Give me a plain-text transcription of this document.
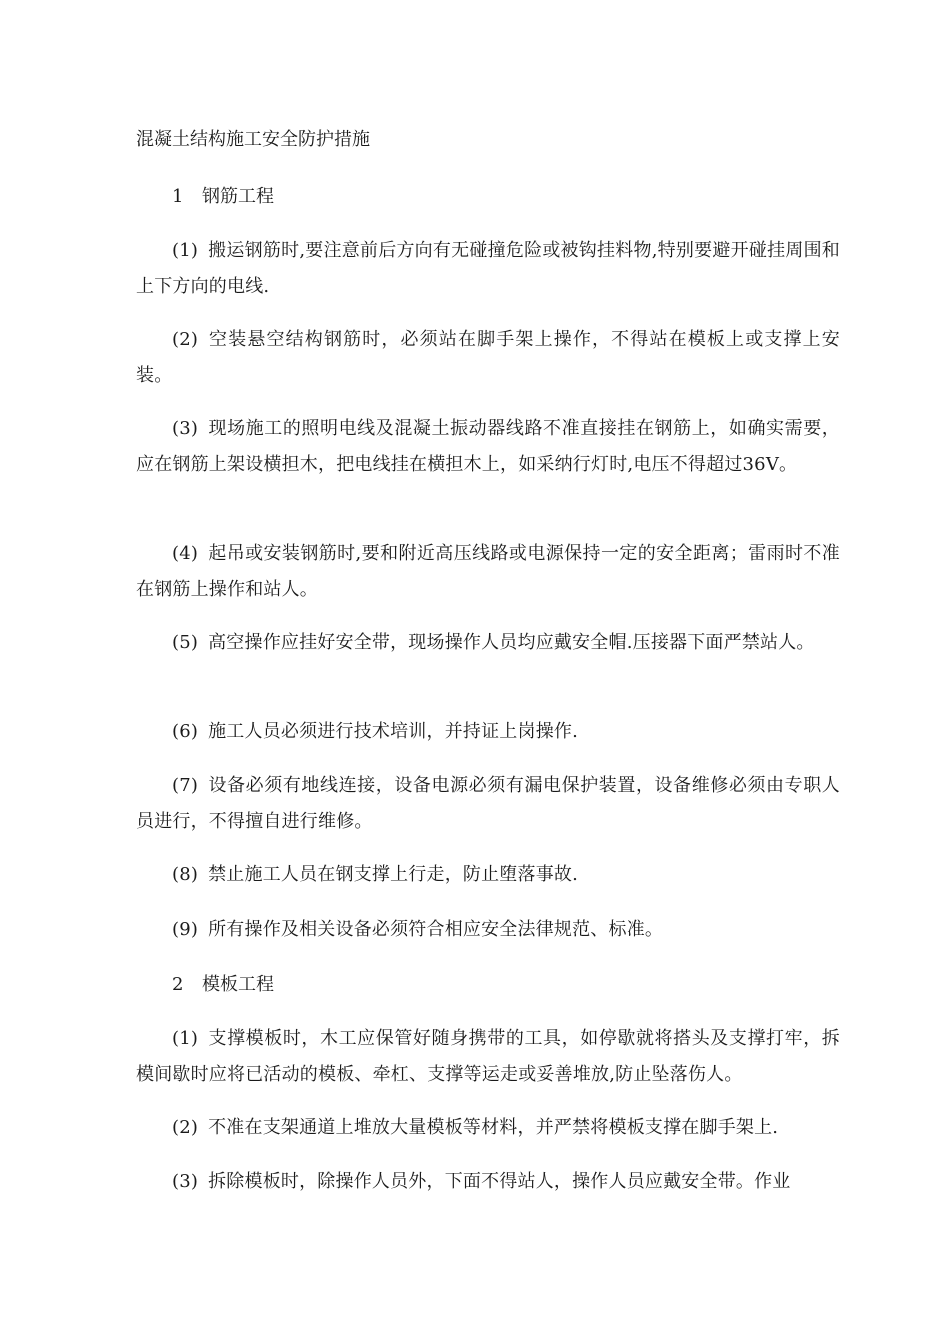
混凝土结构施工安全防护措施
1 钢筋工程
(1) 搬运钢筋时,要注意前后方向有无碰撞危险或被钩挂料物,特别要避开碰挂周围和上下方向的电线.
(2) 空装悬空结构钢筋时，必须站在脚手架上操作，不得站在模板上或支撑上安装。
(3) 现场施工的照明电线及混凝土振动器线路不准直接挂在钢筋上，如确实需要，应在钢筋上架设横担木，把电线挂在横担木上，如采纳行灯时,电压不得超过36V。
(4) 起吊或安装钢筋时,要和附近高压线路或电源保持一定的安全距离；雷雨时不准在钢筋上操作和站人。
(5) 高空操作应挂好安全带，现场操作人员均应戴安全帽.压接器下面严禁站人。
(6) 施工人员必须进行技术培训，并持证上岗操作.
(7) 设备必须有地线连接，设备电源必须有漏电保护装置，设备维修必须由专职人员进行，不得擅自进行维修。
(8) 禁止施工人员在钢支撑上行走，防止堕落事故.
(9) 所有操作及相关设备必须符合相应安全法律规范、标准。
2 模板工程
(1) 支撑模板时，木工应保管好随身携带的工具，如停歇就将搭头及支撑打牢，拆模间歇时应将已活动的模板、牵杠、支撑等运走或妥善堆放,防止坠落伤人。
(2) 不准在支架通道上堆放大量模板等材料，并严禁将模板支撑在脚手架上.
(3) 拆除模板时，除操作人员外，下面不得站人，操作人员应戴安全带。作业
